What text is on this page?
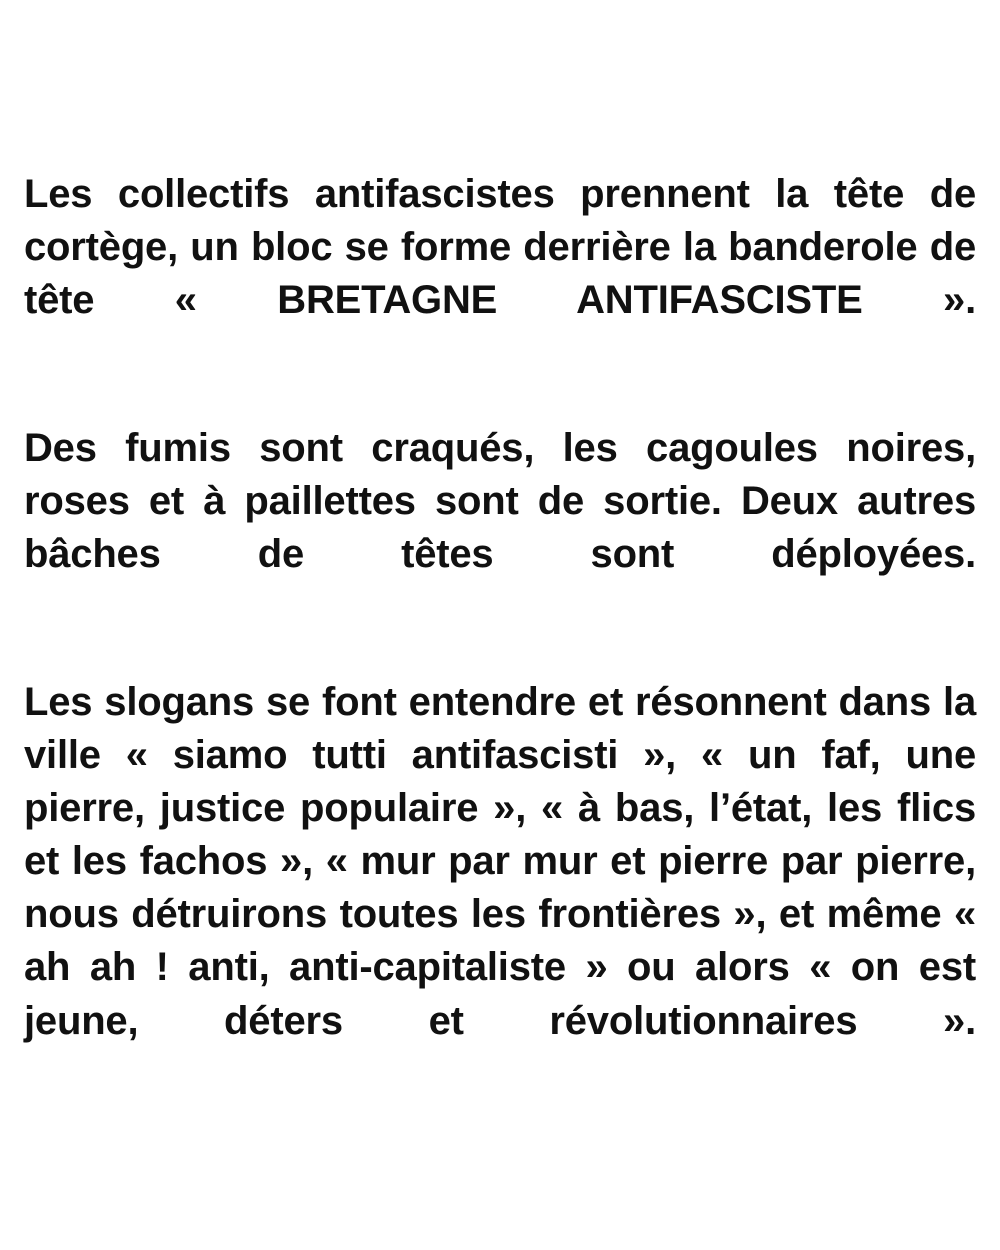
Les collectifs antifascistes prennent la tête de cortège, un bloc se forme derrière la banderole de tête « BRETAGNE ANTIFASCISTE ».

Des fumis sont craqués, les cagoules noires, roses et à paillettes sont de sortie. Deux autres bâches de têtes sont déployées.

Les slogans se font entendre et résonnent dans la ville « siamo tutti antifascisti », « un faf, une pierre, justice populaire », « à bas, l’état, les flics et les fachos », « mur par mur et pierre par pierre, nous détruirons toutes les frontières », et même « ah ah ! anti, anti-capitaliste » ou alors « on est jeune, déters et révolutionnaires ».
